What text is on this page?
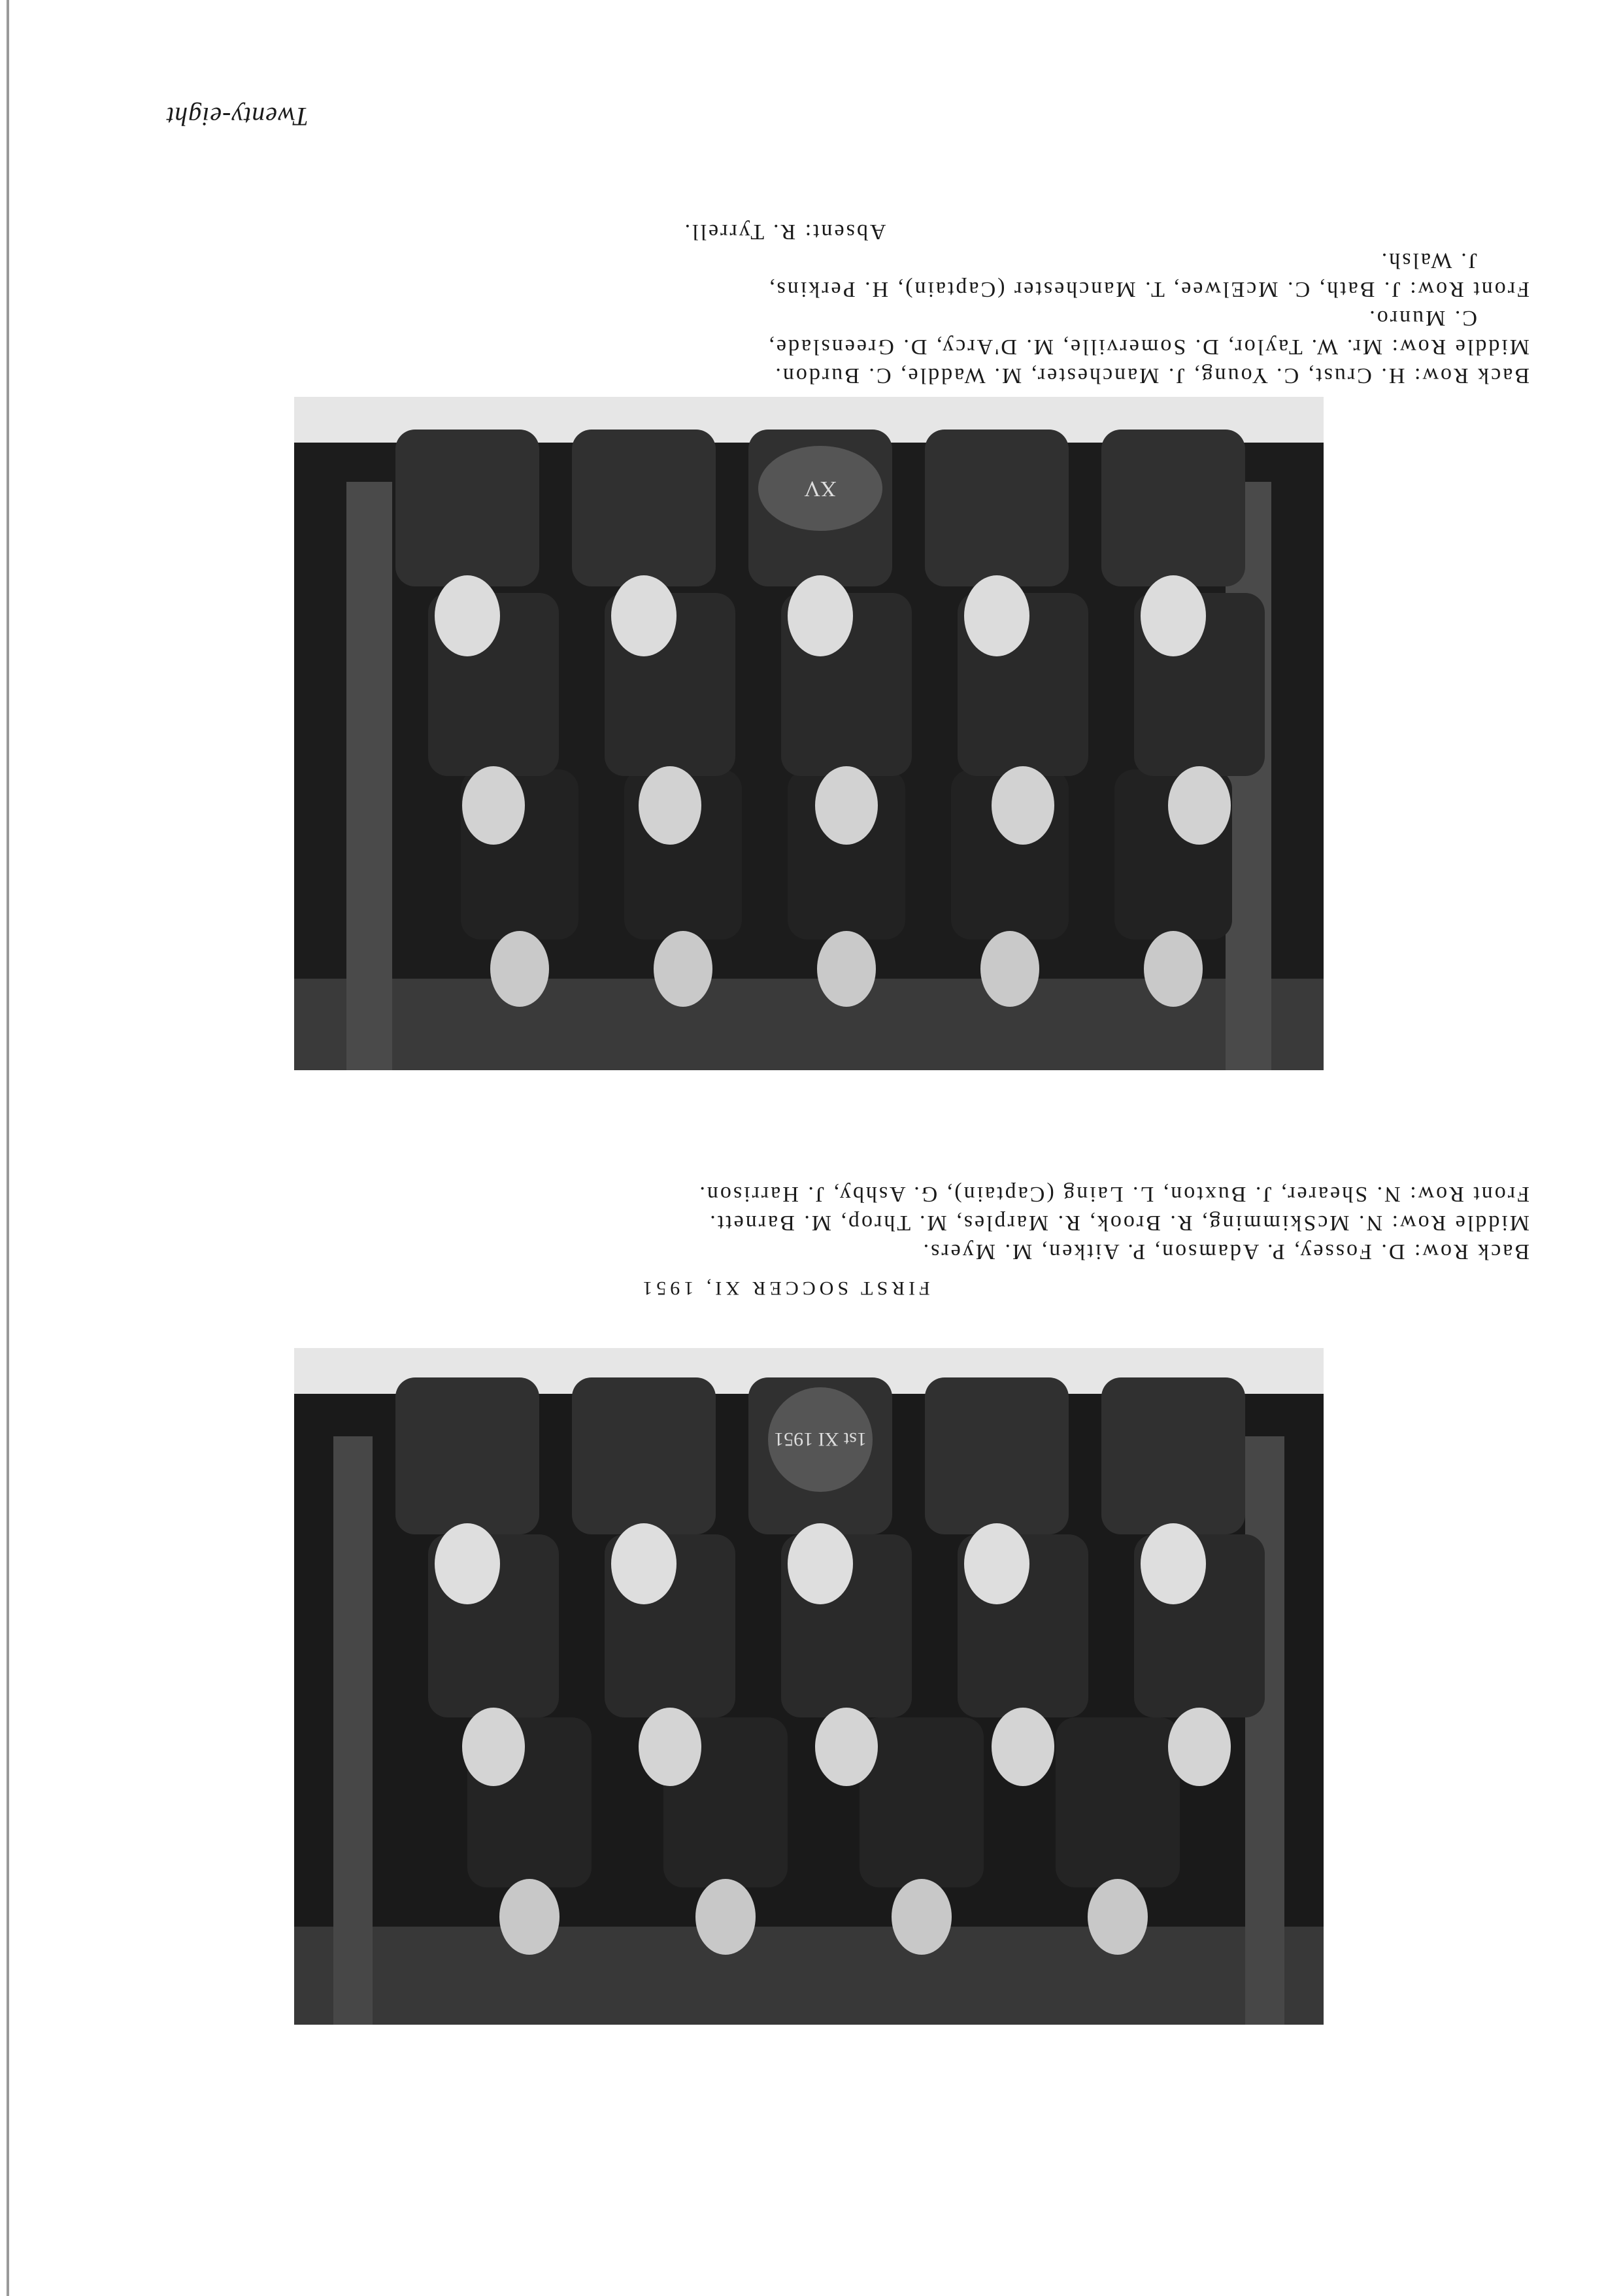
Twenty-eight
Back Row: H. Crust, C. Young, J. Manchester, M. Waddle, C. Burdon.
Middle Row: Mr. W. Taylor, D. Somerville, M. D'Arcy, D. Greenslade,
C. Munro.
Front Row: J. Bath, C. McElwee, T. Manchester (Captain), H. Perkins,
J. Walsh.
Absent: R. Tyrrell.
XV
FIRST SOCCER XI, 1951
Back Row: D. Fossey, P. Adamson, P. Aitken, M. Myers.
Middle Row: N. McSkimming, R. Brook, R. Marples, M. Throp, M. Barnett.
Front Row: N. Shearer, J. Buxton, L. Laing (Captain), G. Ashby, J. Harrison.
1st XI 1951
